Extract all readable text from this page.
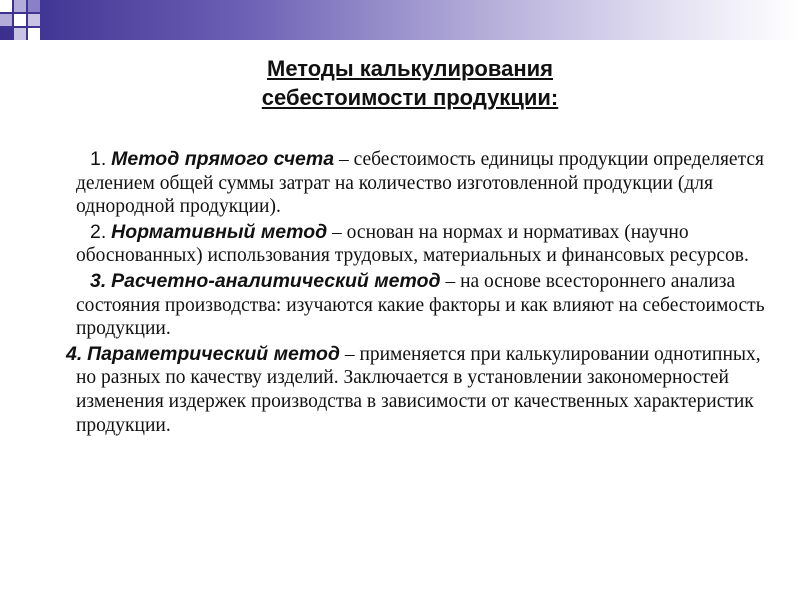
Методы калькулирования
себестоимости продукции:

1. Метод прямого счета – себестоимость единицы продукции определяется делением общей суммы затрат на количество изготовленной продукции (для однородной продукции).

2. Нормативный метод – основан на нормах и нормативах (научно обоснованных) использования трудовых, материальных и финансовых ресурсов.

3. Расчетно-аналитический метод – на основе всестороннего анализа состояния производства: изучаются какие факторы и как влияют на себестоимость продукции.

4. Параметрический метод – применяется при калькулировании однотипных, но разных по качеству изделий. Заключается в установлении закономерностей изменения издержек производства в зависимости от качественных характеристик продукции.
